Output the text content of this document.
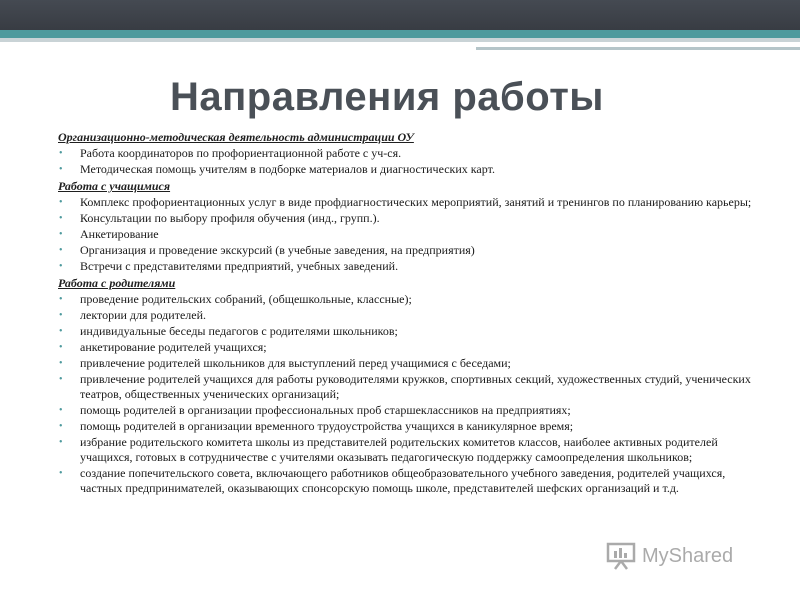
Направления работы
Организационно-методическая деятельность администрации ОУ
• Работа координаторов по профориентационной работе с уч-ся.
• Методическая помощь учителям в подборке материалов и диагностических карт.
Работа с учащимися
• Комплекс профориентационных услуг в виде профдиагностических мероприятий, занятий и тренингов по планированию карьеры;
• Консультации по выбору профиля обучения (инд., групп.).
• Анкетирование
• Организация и проведение экскурсий (в учебные заведения, на предприятия)
• Встречи с представителями предприятий, учебных заведений.
Работа с родителями
• проведение родительских собраний, (общешкольные, классные);
• лектории для родителей.
• индивидуальные беседы педагогов с родителями школьников;
• анкетирование родителей учащихся;
• привлечение родителей школьников для выступлений перед учащимися с беседами;
• привлечение родителей учащихся для работы руководителями кружков, спортивных секций, художественных студий, ученических театров, общественных ученических организаций;
• помощь родителей в организации профессиональных проб старшеклассников на предприятиях;
• помощь родителей в организации временного трудоустройства учащихся в каникулярное время;
• избрание родительского комитета школы из представителей родительских комитетов классов, наиболее активных родителей учащихся, готовых в сотрудничестве с учителями оказывать педагогическую поддержку самоопределения школьников;
• создание попечительского совета, включающего работников общеобразовательного учебного заведения, родителей учащихся, частных предпринимателей, оказывающих спонсорскую помощь школе, представителей шефских организаций и т.д.
MyShared
